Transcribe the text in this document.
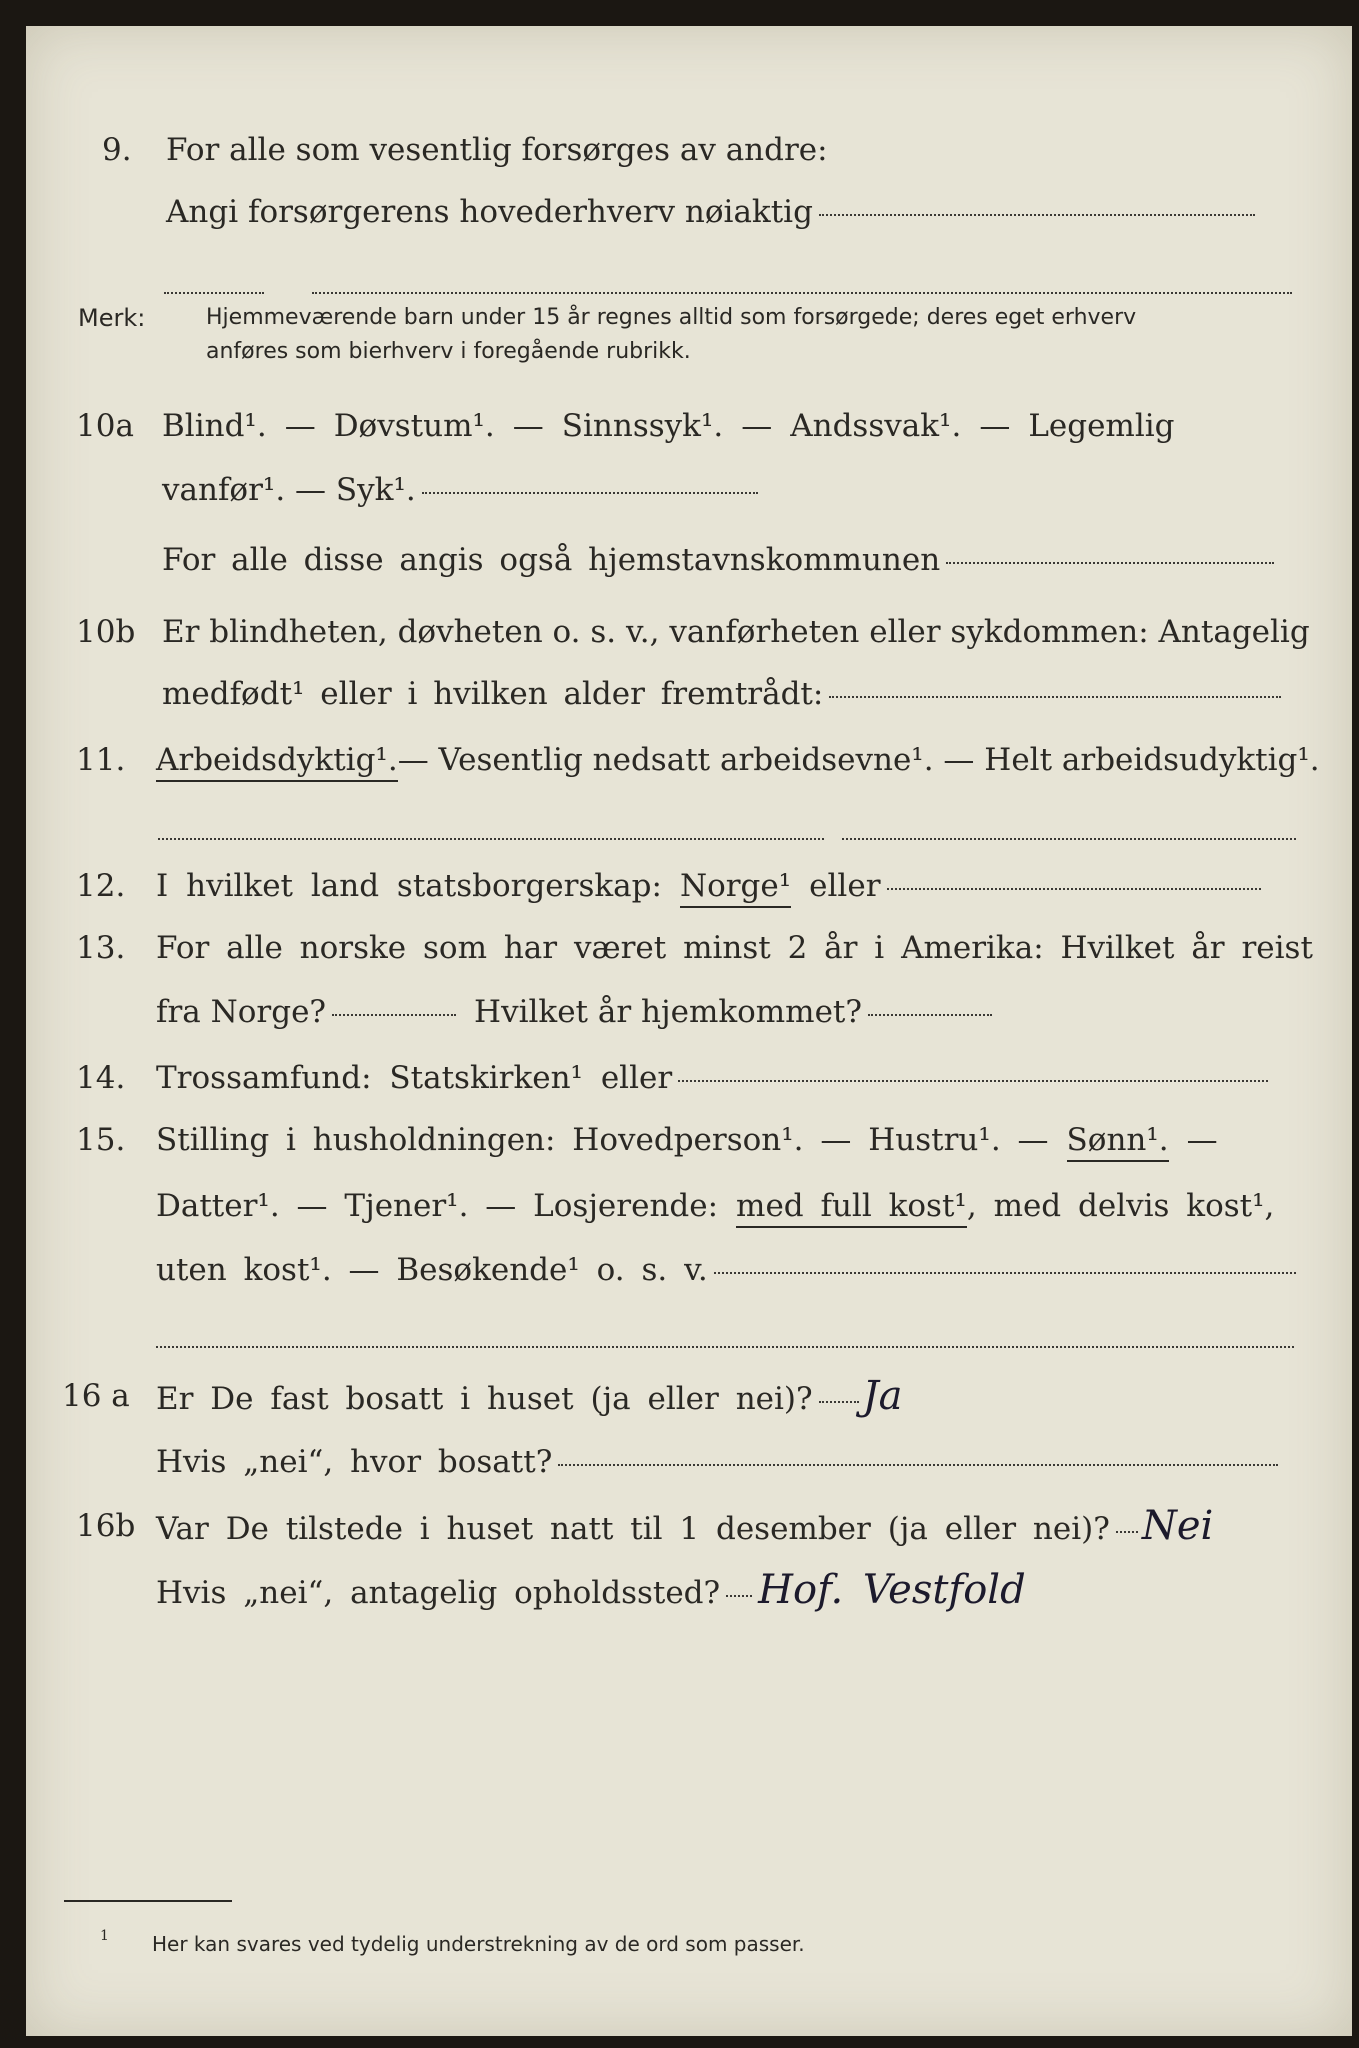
9. For alle som vesentlig forsørges av andre:
Angi forsørgerens hovederhverv nøiaktig
Merk:	Hjemmeværende barn under 15 år regnes alltid som forsørgede; deres eget erhverv
anføres som bierhverv i foregående rubrikk.
10a Blind¹. — Døvstum¹. — Sinnssyk¹. — Andssvak¹. — Legemlig
vanfør¹. — Syk¹.
For alle disse angis også hjemstavnskommunen
10b Er blindheten, døvheten o. s. v., vanførheten eller sykdommen: Antagelig
medfødt¹ eller i hvilken alder fremtrådt:
11. Arbeidsdyktig¹. — Vesentlig nedsatt arbeidsevne¹. — Helt arbeidsudyktig¹.
12. I hvilket land statsborgerskap: Norge¹ eller
13. For alle norske som har været minst 2 år i Amerika: Hvilket år reist
fra Norge?	Hvilket år hjemkommet?
14. Trossamfund: Statskirken¹ eller
15. Stilling i husholdningen: Hovedperson¹. — Hustru¹. — Sønn¹. —
Datter¹. — Tjener¹. — Losjerende: med full kost¹ , med delvis kost¹,
uten kost¹. — Besøkende¹ o. s. v.
16 a Er De fast bosatt i huset (ja eller nei)? Ja
Hvis „nei“, hvor bosatt?
16b Var De tilstede i huset natt til 1 desember (ja eller nei)? Nei
Hvis „nei“, antagelig opholdssted? Hof. Vestfold
1 Her kan svares ved tydelig understrekning av de ord som passer.
